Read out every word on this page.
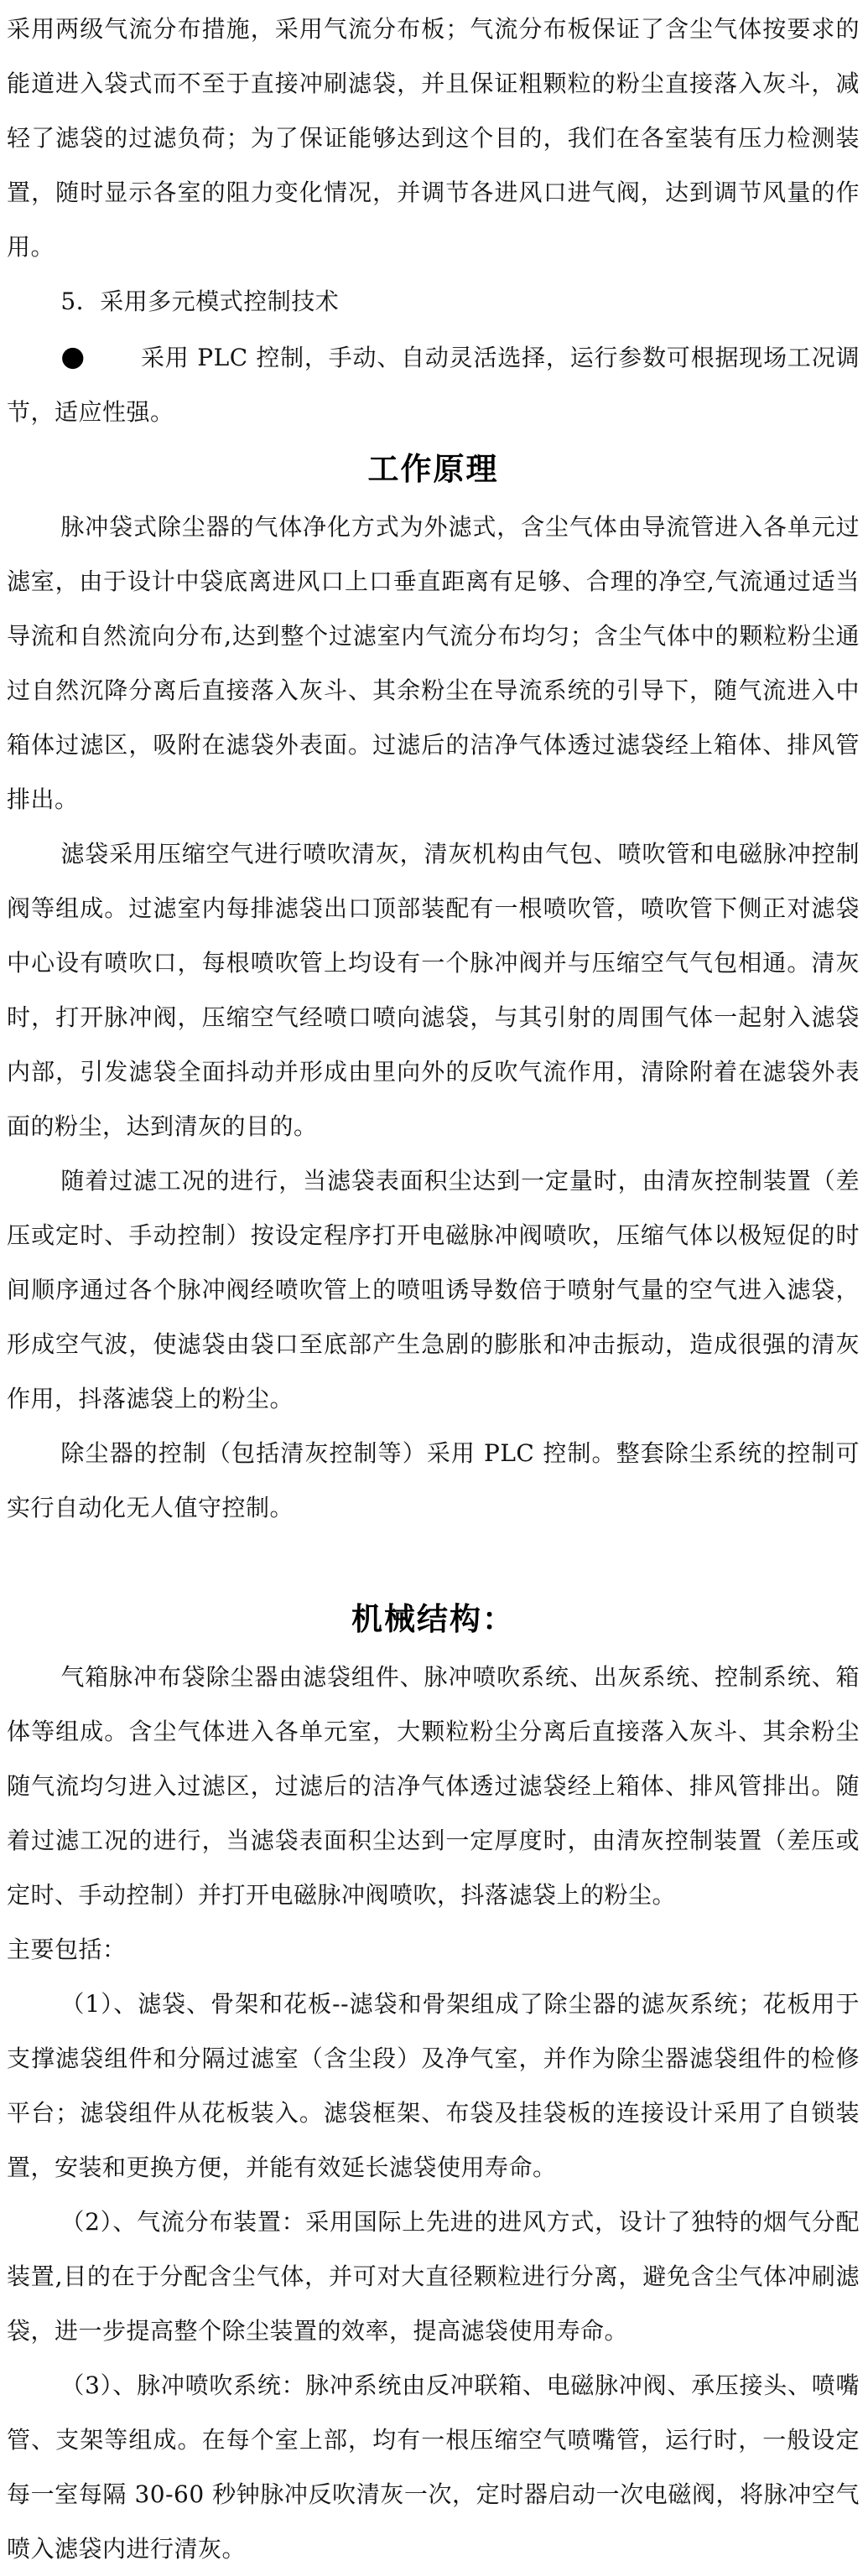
采用两级气流分布措施，采用气流分布板；气流分布板保证了含尘气体按要求的能道进入袋式而不至于直接冲刷滤袋，并且保证粗颗粒的粉尘直接落入灰斗，减轻了滤袋的过滤负荷；为了保证能够达到这个目的，我们在各室装有压力检测装置，随时显示各室的阻力变化情况，并调节各进风口进气阀，达到调节风量的作用。

5．采用多元模式控制技术

● 采用 PLC 控制，手动、自动灵活选择，运行参数可根据现场工况调节，适应性强。

工作原理

脉冲袋式除尘器的气体净化方式为外滤式，含尘气体由导流管进入各单元过滤室，由于设计中袋底离进风口上口垂直距离有足够、合理的净空,气流通过适当导流和自然流向分布,达到整个过滤室内气流分布均匀；含尘气体中的颗粒粉尘通过自然沉降分离后直接落入灰斗、其余粉尘在导流系统的引导下，随气流进入中箱体过滤区，吸附在滤袋外表面。过滤后的洁净气体透过滤袋经上箱体、排风管排出。

滤袋采用压缩空气进行喷吹清灰，清灰机构由气包、喷吹管和电磁脉冲控制阀等组成。过滤室内每排滤袋出口顶部装配有一根喷吹管，喷吹管下侧正对滤袋中心设有喷吹口，每根喷吹管上均设有一个脉冲阀并与压缩空气气包相通。清灰时，打开脉冲阀，压缩空气经喷口喷向滤袋，与其引射的周围气体一起射入滤袋内部，引发滤袋全面抖动并形成由里向外的反吹气流作用，清除附着在滤袋外表面的粉尘，达到清灰的目的。

随着过滤工况的进行，当滤袋表面积尘达到一定量时，由清灰控制装置（差压或定时、手动控制）按设定程序打开电磁脉冲阀喷吹，压缩气体以极短促的时间顺序通过各个脉冲阀经喷吹管上的喷咀诱导数倍于喷射气量的空气进入滤袋，形成空气波，使滤袋由袋口至底部产生急剧的膨胀和冲击振动，造成很强的清灰作用，抖落滤袋上的粉尘。

除尘器的控制（包括清灰控制等）采用 PLC 控制。整套除尘系统的控制可实行自动化无人值守控制。

机械结构：

气箱脉冲布袋除尘器由滤袋组件、脉冲喷吹系统、出灰系统、控制系统、箱体等组成。含尘气体进入各单元室，大颗粒粉尘分离后直接落入灰斗、其余粉尘随气流均匀进入过滤区，过滤后的洁净气体透过滤袋经上箱体、排风管排出。随着过滤工况的进行，当滤袋表面积尘达到一定厚度时，由清灰控制装置（差压或定时、手动控制）并打开电磁脉冲阀喷吹，抖落滤袋上的粉尘。

主要包括：

（1）、滤袋、骨架和花板--滤袋和骨架组成了除尘器的滤灰系统；花板用于支撑滤袋组件和分隔过滤室（含尘段）及净气室，并作为除尘器滤袋组件的检修平台；滤袋组件从花板装入。滤袋框架、布袋及挂袋板的连接设计采用了自锁装置，安装和更换方便，并能有效延长滤袋使用寿命。

（2）、气流分布装置：采用国际上先进的进风方式，设计了独特的烟气分配装置,目的在于分配含尘气体，并可对大直径颗粒进行分离，避免含尘气体冲刷滤袋，进一步提高整个除尘装置的效率，提高滤袋使用寿命。

（3）、脉冲喷吹系统：脉冲系统由反冲联箱、电磁脉冲阀、承压接头、喷嘴管、支架等组成。在每个室上部，均有一根压缩空气喷嘴管，运行时，一般设定每一室每隔 30-60 秒钟脉冲反吹清灰一次，定时器启动一次电磁阀，将脉冲空气喷入滤袋内进行清灰。
